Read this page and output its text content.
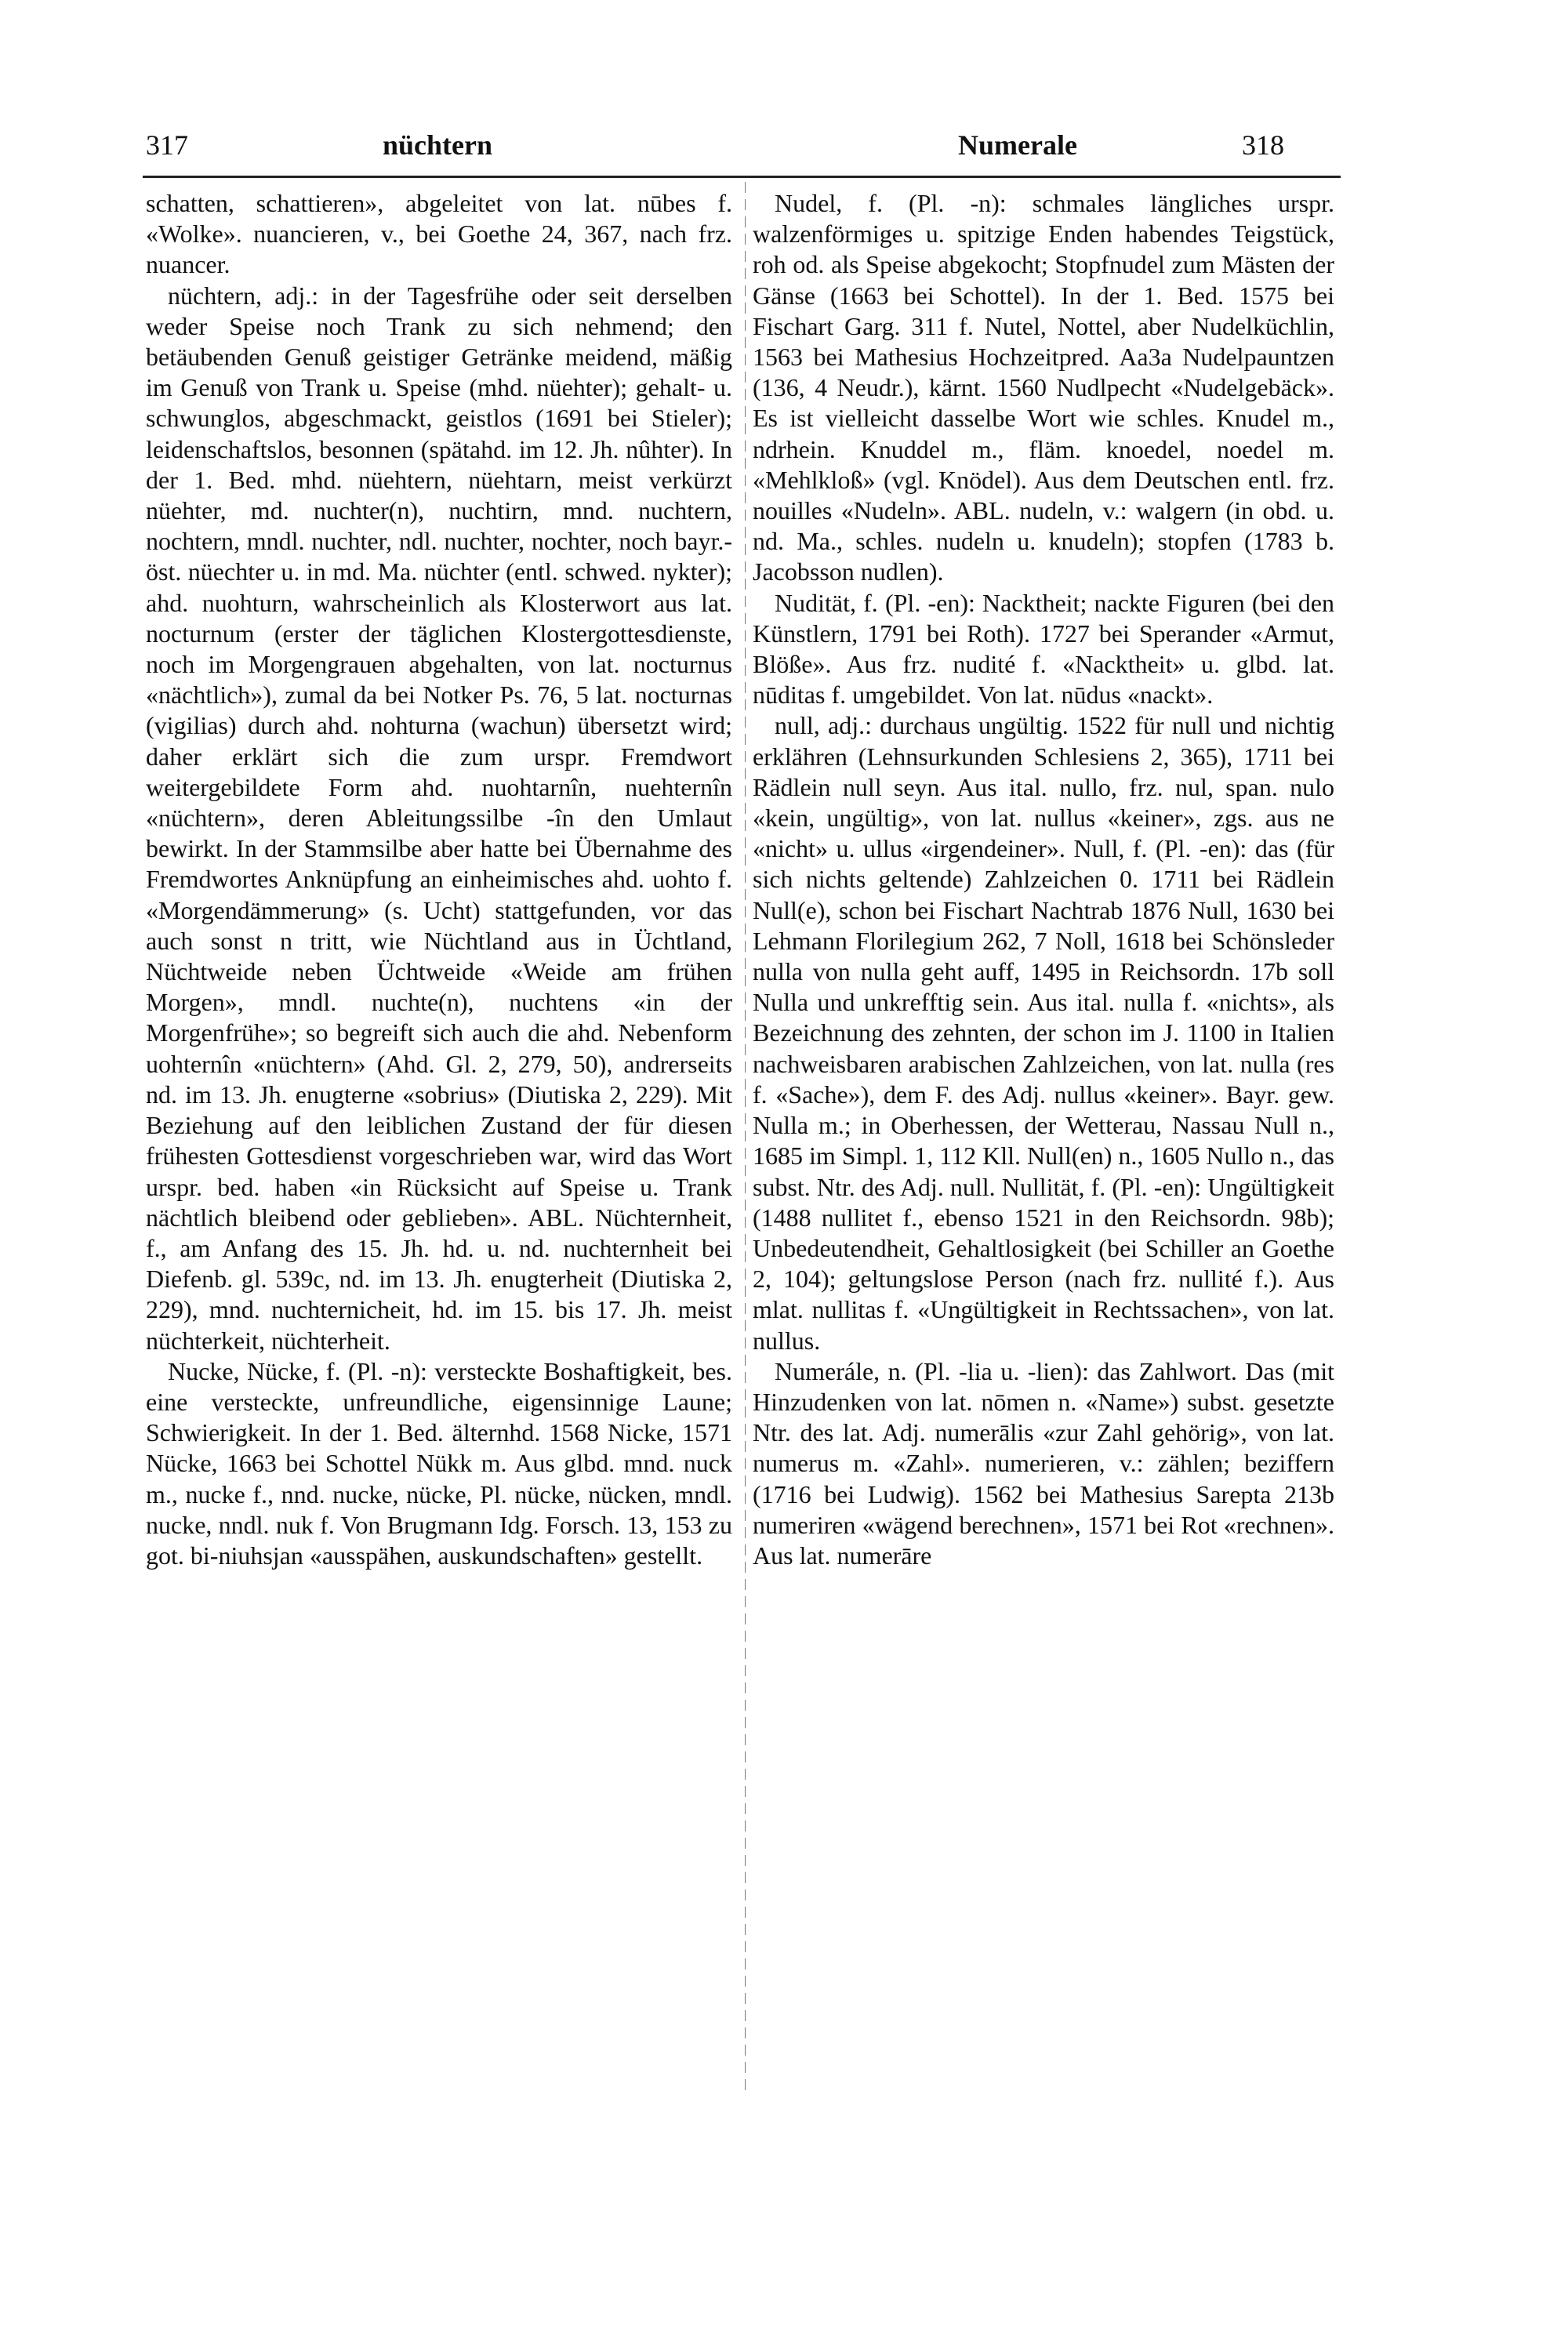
317	nüchtern	Numerale	318

schatten, schattieren», abgeleitet von lat. nūbes f. «Wolke». nuancieren, v., bei Goethe 24, 367, nach frz. nuancer.

nüchtern, adj.: in der Tagesfrühe oder seit derselben weder Speise noch Trank zu sich nehmend; den betäubenden Genuß geistiger Getränke meidend, mäßig im Genuß von Trank u. Speise (mhd. nüehter); gehalt- u. schwunglos, abgeschmackt, geistlos (1691 bei Stieler); leidenschaftslos, besonnen (spätahd. im 12. Jh. nûhter). In der 1. Bed. mhd. nüehtern, nüehtarn, meist verkürzt nüehter, md. nuchter(n), nuchtirn, mnd. nuchtern, nochtern, mndl. nuchter, ndl. nuchter, nochter, noch bayr.-öst. nüechter u. in md. Ma. nüchter (entl. schwed. nykter); ahd. nuohturn, wahrscheinlich als Klosterwort aus lat. nocturnum (erster der täglichen Klostergottesdienste, noch im Morgengrauen abgehalten, von lat. nocturnus «nächtlich»), zumal da bei Notker Ps. 76, 5 lat. nocturnas (vigilias) durch ahd. nohturna (wachun) übersetzt wird; daher erklärt sich die zum urspr. Fremdwort weitergebildete Form ahd. nuohtarnîn, nuehternîn «nüchtern», deren Ableitungssilbe -în den Umlaut bewirkt. In der Stammsilbe aber hatte bei Übernahme des Fremdwortes Anknüpfung an einheimisches ahd. uohto f. «Morgendämmerung» (s. Ucht) stattgefunden, vor das auch sonst n tritt, wie Nüchtland aus in Üchtland, Nüchtweide neben Üchtweide «Weide am frühen Morgen», mndl. nuchte(n), nuchtens «in der Morgenfrühe»; so begreift sich auch die ahd. Nebenform uohternîn «nüchtern» (Ahd. Gl. 2, 279, 50), andrerseits nd. im 13. Jh. enugterne «sobrius» (Diutiska 2, 229). Mit Beziehung auf den leiblichen Zustand der für diesen frühesten Gottesdienst vorgeschrieben war, wird das Wort urspr. bed. haben «in Rücksicht auf Speise u. Trank nächtlich bleibend oder geblieben». ABL. Nüchternheit, f., am Anfang des 15. Jh. hd. u. nd. nuchternheit bei Diefenb. gl. 539c, nd. im 13. Jh. enugterheit (Diutiska 2, 229), mnd. nuchternicheit, hd. im 15. bis 17. Jh. meist nüchterkeit, nüchterheit.

Nucke, Nücke, f. (Pl. -n): versteckte Boshaftigkeit, bes. eine versteckte, unfreundliche, eigensinnige Laune; Schwierigkeit. In der 1. Bed. älternhd. 1568 Nicke, 1571 Nücke, 1663 bei Schottel Nükk m. Aus glbd. mnd. nuck m., nucke f., nnd. nucke, nücke, Pl. nücke, nücken, mndl. nucke, nndl. nuk f. Von Brugmann Idg. Forsch. 13, 153 zu got. bi-niuhsjan «ausspähen, auskundschaften» gestellt.

Nudel, f. (Pl. -n): schmales längliches urspr. walzenförmiges u. spitzige Enden habendes Teigstück, roh od. als Speise abgekocht; Stopfnudel zum Mästen der Gänse (1663 bei Schottel). In der 1. Bed. 1575 bei Fischart Garg. 311 f. Nutel, Nottel, aber Nudelküchlin, 1563 bei Mathesius Hochzeitpred. Aa3a Nudelpauntzen (136, 4 Neudr.), kärnt. 1560 Nudlpecht «Nudelgebäck». Es ist vielleicht dasselbe Wort wie schles. Knudel m., ndrhein. Knuddel m., fläm. knoedel, noedel m. «Mehlkloß» (vgl. Knödel). Aus dem Deutschen entl. frz. nouilles «Nudeln». ABL. nudeln, v.: walgern (in obd. u. nd. Ma., schles. nudeln u. knudeln); stopfen (1783 b. Jacobsson nudlen).

Nudität, f. (Pl. -en): Nacktheit; nackte Figuren (bei den Künstlern, 1791 bei Roth). 1727 bei Sperander «Armut, Blöße». Aus frz. nudité f. «Nacktheit» u. glbd. lat. nūditas f. umgebildet. Von lat. nūdus «nackt».

null, adj.: durchaus ungültig. 1522 für null und nichtig erklähren (Lehnsurkunden Schlesiens 2, 365), 1711 bei Rädlein null seyn. Aus ital. nullo, frz. nul, span. nulo «kein, ungültig», von lat. nullus «keiner», zgs. aus ne «nicht» u. ullus «irgendeiner». Null, f. (Pl. -en): das (für sich nichts geltende) Zahlzeichen 0. 1711 bei Rädlein Null(e), schon bei Fischart Nachtrab 1876 Null, 1630 bei Lehmann Florilegium 262, 7 Noll, 1618 bei Schönsleder nulla von nulla geht auff, 1495 in Reichsordn. 17b soll Nulla und unkrefftig sein. Aus ital. nulla f. «nichts», als Bezeichnung des zehnten, der schon im J. 1100 in Italien nachweisbaren arabischen Zahlzeichen, von lat. nulla (res f. «Sache»), dem F. des Adj. nullus «keiner». Bayr. gew. Nulla m.; in Oberhessen, der Wetterau, Nassau Null n., 1685 im Simpl. 1, 112 Kll. Null(en) n., 1605 Nullo n., das subst. Ntr. des Adj. null. Nullität, f. (Pl. -en): Ungültigkeit (1488 nullitet f., ebenso 1521 in den Reichsordn. 98b); Unbedeutendheit, Gehaltlosigkeit (bei Schiller an Goethe 2, 104); geltungslose Person (nach frz. nullité f.). Aus mlat. nullitas f. «Ungültigkeit in Rechtssachen», von lat. nullus.

Numerále, n. (Pl. -lia u. -lien): das Zahlwort. Das (mit Hinzudenken von lat. nōmen n. «Name») subst. gesetzte Ntr. des lat. Adj. numerālis «zur Zahl gehörig», von lat. numerus m. «Zahl». numerieren, v.: zählen; beziffern (1716 bei Ludwig). 1562 bei Mathesius Sarepta 213b numeriren «wägend berechnen», 1571 bei Rot «rechnen». Aus lat. numerāre
